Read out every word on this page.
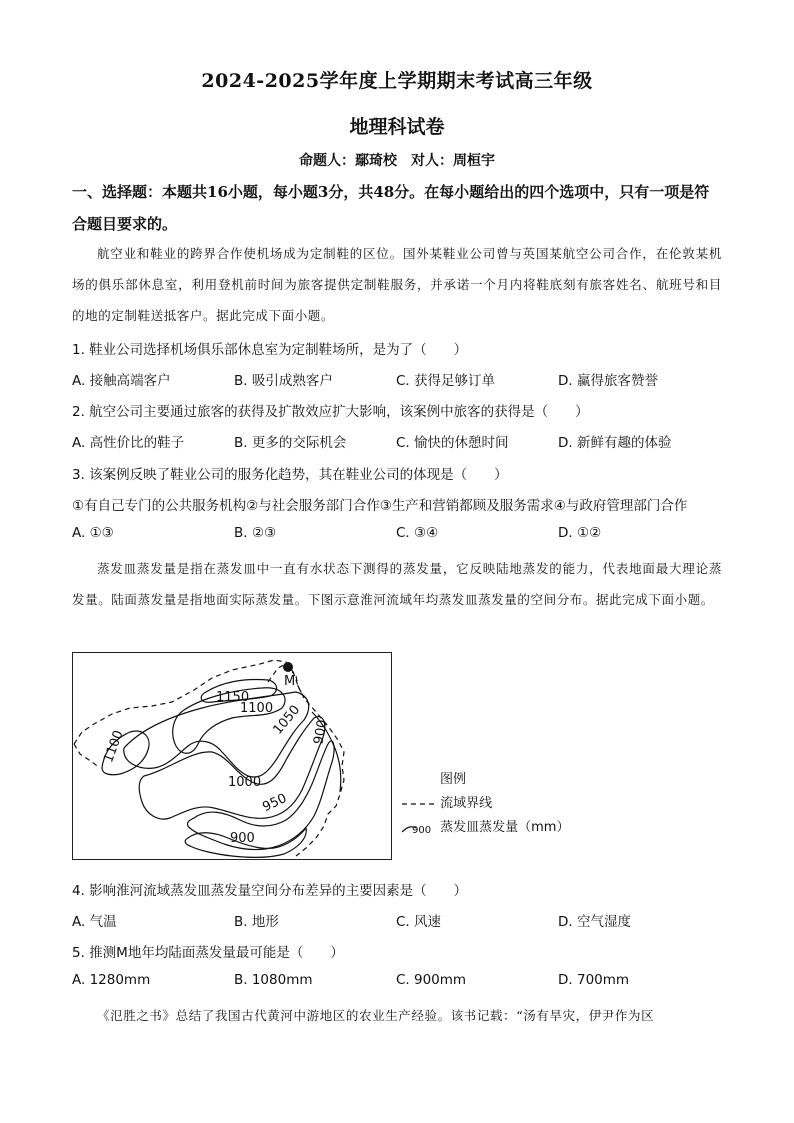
2024-2025学年度上学期期末考试高三年级
地理科试卷
命题人：鄢琦校　对人：周桓宇
一、选择题：本题共16小题，每小题3分，共48分。在每小题给出的四个选项中，只有一项是符合题目要求的。
航空业和鞋业的跨界合作使机场成为定制鞋的区位。国外某鞋业公司曾与英国某航空公司合作，在伦敦某机场的俱乐部休息室，利用登机前时间为旅客提供定制鞋服务，并承诺一个月内将鞋底刻有旅客姓名、航班号和目的地的定制鞋送抵客户。据此完成下面小题。
1. 鞋业公司选择机场俱乐部休息室为定制鞋场所，是为了（　　）
A. 接触高端客户	B. 吸引成熟客户	C. 获得足够订单	D. 赢得旅客赞誉
2. 航空公司主要通过旅客的获得及扩散效应扩大影响，该案例中旅客的获得是（　　）
A. 高性价比的鞋子	B. 更多的交际机会	C. 愉快的休憩时间	D. 新鲜有趣的体验
3. 该案例反映了鞋业公司的服务化趋势，其在鞋业公司的体现是（　　）
①有自己专门的公共服务机构②与社会服务部门合作③生产和营销都顾及服务需求④与政府管理部门合作
A. ①③	B. ②③	C. ③④	D. ①②
蒸发皿蒸发量是指在蒸发皿中一直有水状态下测得的蒸发量，它反映陆地蒸发的能力，代表地面最大理论蒸发量。陆面蒸发量是指地面实际蒸发量。下图示意淮河流域年均蒸发皿蒸发量的空间分布。据此完成下面小题。
M
1150
1100
1050
1100
1000
950
900
900
图例
流域界线
900 蒸发皿蒸发量（mm）
4. 影响淮河流域蒸发皿蒸发量空间分布差异的主要因素是（　　）
A. 气温	B. 地形	C. 风速	D. 空气湿度
5. 推测M地年均陆面蒸发量最可能是（　　）
A. 1280mm	B. 1080mm	C. 900mm	D. 700mm
《氾胜之书》总结了我国古代黄河中游地区的农业生产经验。该书记载：“汤有旱灾，伊尹作为区
